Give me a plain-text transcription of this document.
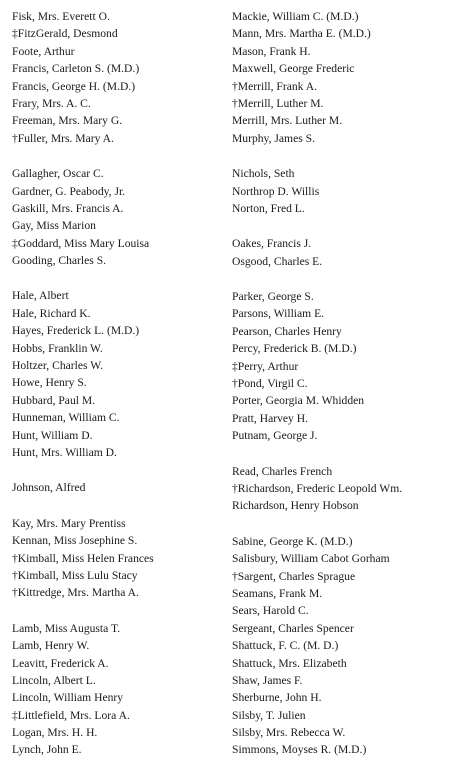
Fisk, Mrs. Everett O.
‡FitzGerald, Desmond
Foote, Arthur
Francis, Carleton S. (M.D.)
Francis, George H. (M.D.)
Frary, Mrs. A. C.
Freeman, Mrs. Mary G.
†Fuller, Mrs. Mary A.
Gallagher, Oscar C.
Gardner, G. Peabody, Jr.
Gaskill, Mrs. Francis A.
Gay, Miss Marion
‡Goddard, Miss Mary Louisa
Gooding, Charles S.
Hale, Albert
Hale, Richard K.
Hayes, Frederick L. (M.D.)
Hobbs, Franklin W.
Holtzer, Charles W.
Howe, Henry S.
Hubbard, Paul M.
Hunneman, William C.
Hunt, William D.
Hunt, Mrs. William D.
Johnson, Alfred
Kay, Mrs. Mary Prentiss
Kennan, Miss Josephine S.
†Kimball, Miss Helen Frances
†Kimball, Miss Lulu Stacy
†Kittredge, Mrs. Martha A.
Lamb, Miss Augusta T.
Lamb, Henry W.
Leavitt, Frederick A.
Lincoln, Albert L.
Lincoln, William Henry
‡Littlefield, Mrs. Lora A.
Logan, Mrs. H. H.
Lynch, John E.
Mackie, William C. (M.D.)
Mann, Mrs. Martha E. (M.D.)
Mason, Frank H.
Maxwell, George Frederic
†Merrill, Frank A.
†Merrill, Luther M.
Merrill, Mrs. Luther M.
Murphy, James S.
Nichols, Seth
Northrop D. Willis
Norton, Fred L.
Oakes, Francis J.
Osgood, Charles E.
Parker, George S.
Parsons, William E.
Pearson, Charles Henry
Percy, Frederick B. (M.D.)
‡Perry, Arthur
†Pond, Virgil C.
Porter, Georgia M. Whidden
Pratt, Harvey H.
Putnam, George J.
Read, Charles French
†Richardson, Frederic Leopold Wm.
Richardson, Henry Hobson
Sabine, George K. (M.D.)
Salisbury, William Cabot Gorham
†Sargent, Charles Sprague
Seamans, Frank M.
Sears, Harold C.
Sergeant, Charles Spencer
Shattuck, F. C. (M. D.)
Shattuck, Mrs. Elizabeth
Shaw, James F.
Sherburne, John H.
Silsby, T. Julien
Silsby, Mrs. Rebecca W.
Simmons, Moyses R. (M.D.)
